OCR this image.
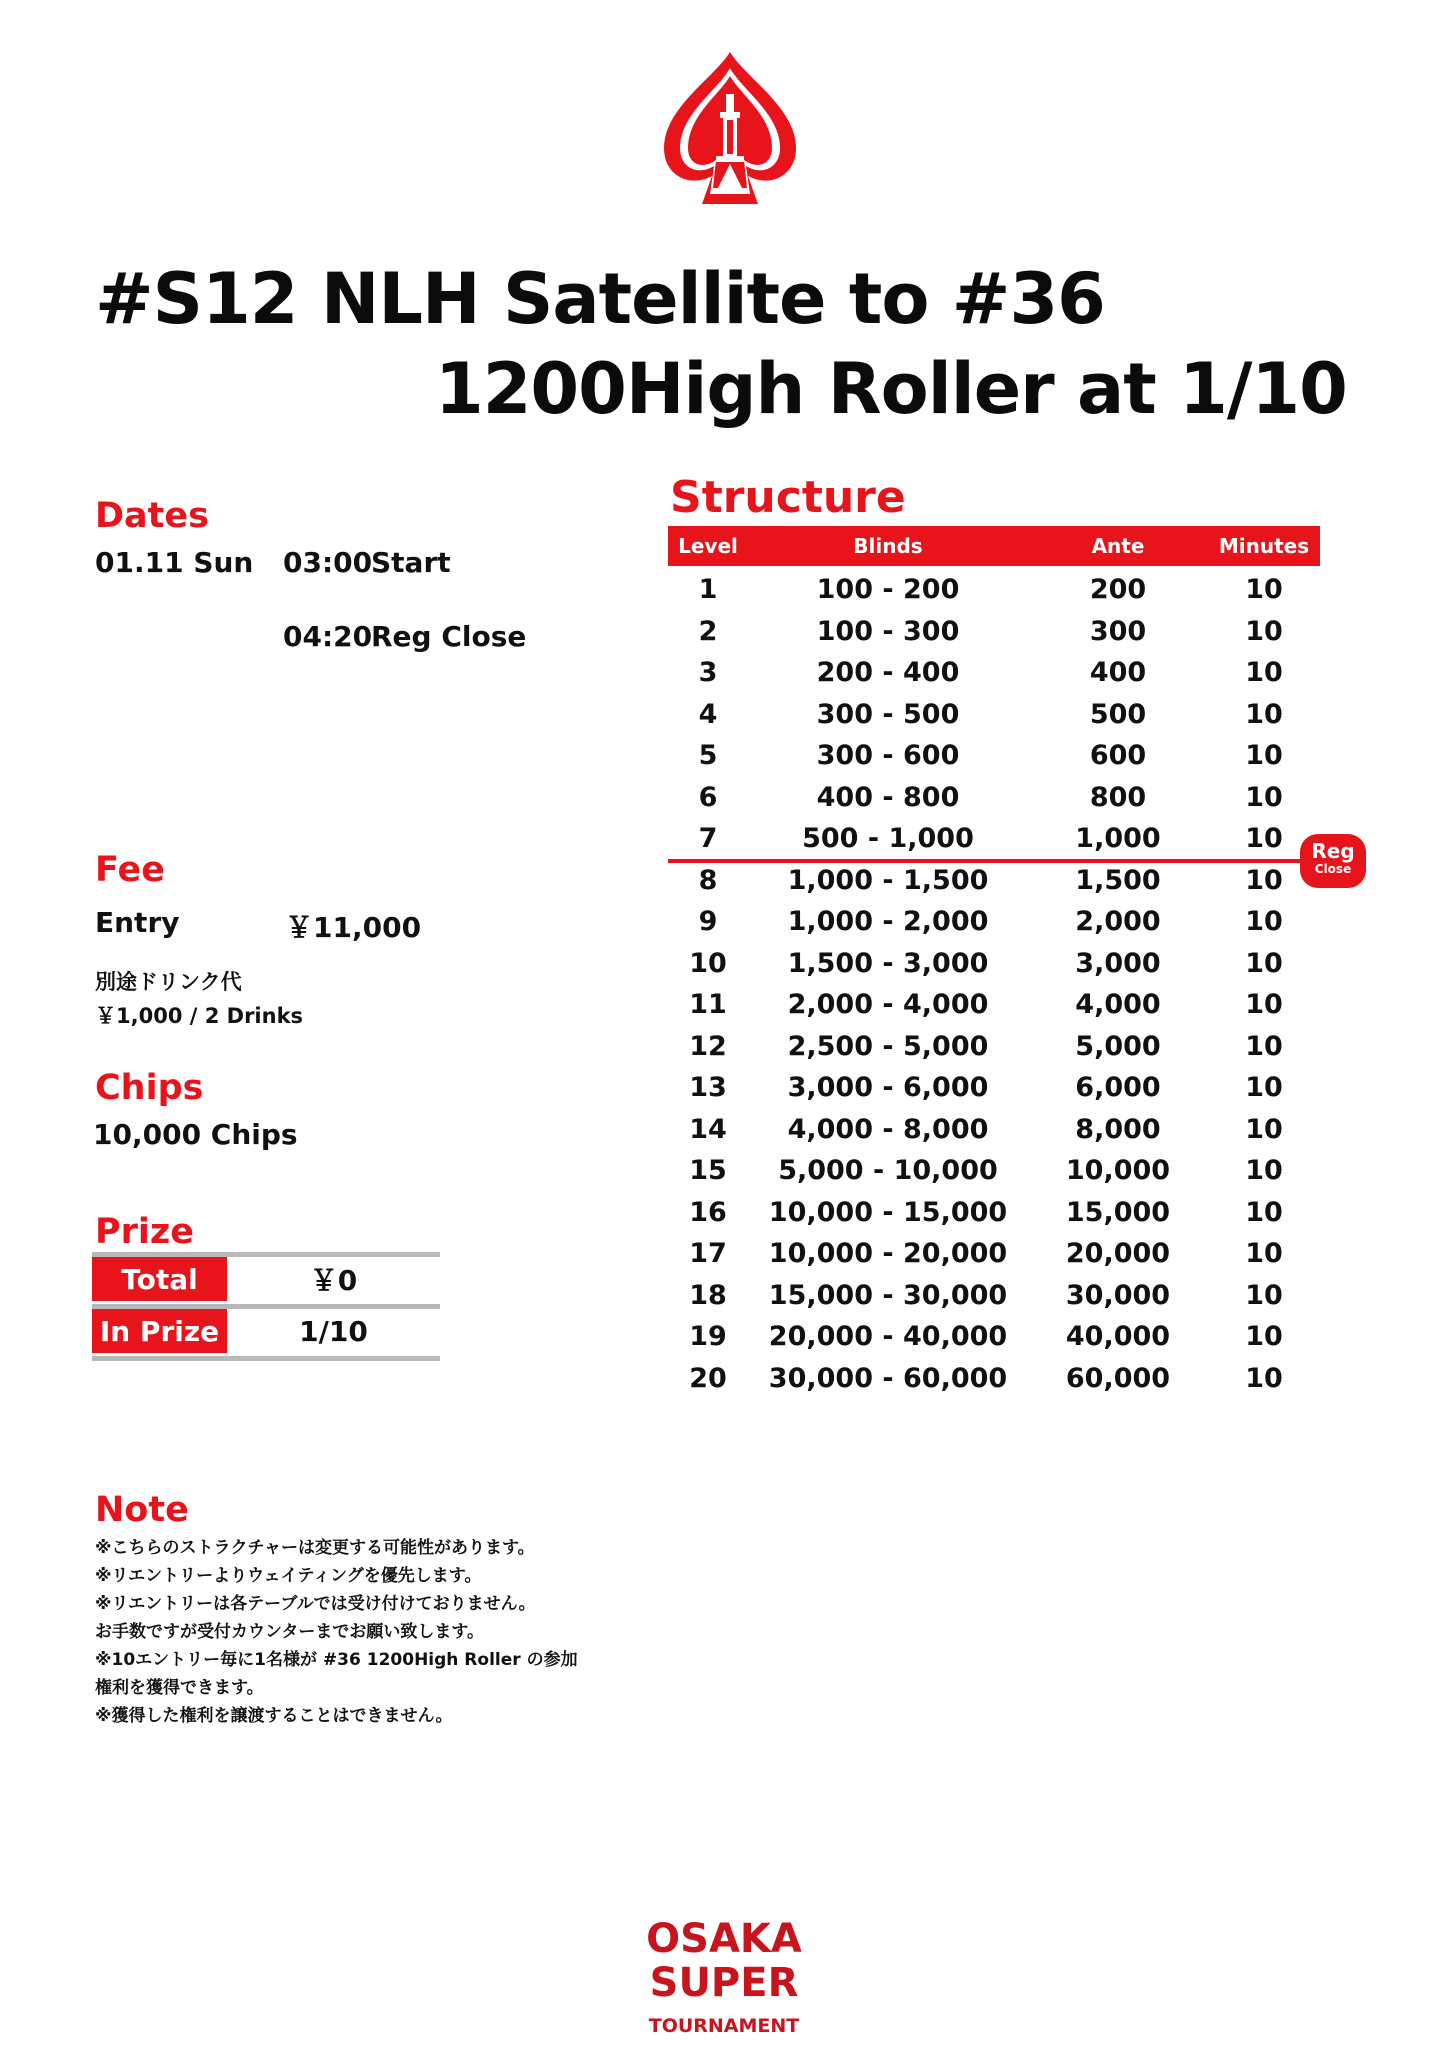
#S12 NLH Satellite to #36
1200High Roller at 1/10
Dates
01.11 Sun 03:00
Start
04:20
Reg Close
Fee
Entry	￥11,000
別途ドリンク代
￥1,000 / 2 Drinks
Chips
10,000 Chips
Prize
Total	￥0
In Prize	1/10
Note
※こちらのストラクチャーは変更する可能性があります。
※リエントリーよりウェイティングを優先します。
※リエントリーは各テーブルでは受け付けておりません。
お手数ですが受付カウンターまでお願い致します。
※10エントリー毎に1名様が #36 1200High Roller の参加
権利を獲得できます。
※獲得した権利を譲渡することはできません。
Structure
Level	Blinds	Ante	Minutes
1	100 - 200	200	10
2	100 - 300	300	10
3	200 - 400	400	10
4	300 - 500	500	10
5	300 - 600	600	10
6	400 - 800	800	10
7	500 - 1,000	1,000	10
8	1,000 - 1,500	1,500	10
9	1,000 - 2,000	2,000	10
10	1,500 - 3,000	3,000	10
11	2,000 - 4,000	4,000	10
12	2,500 - 5,000	5,000	10
13	3,000 - 6,000	6,000	10
14	4,000 - 8,000	8,000	10
15	5,000 - 10,000	10,000	10
16	10,000 - 15,000	15,000	10
17	10,000 - 20,000	20,000	10
18	15,000 - 30,000	30,000	10
19	20,000 - 40,000	40,000	10
20	30,000 - 60,000	60,000	10
Reg
Close
OSAKA
SUPER
TOURNAMENT
